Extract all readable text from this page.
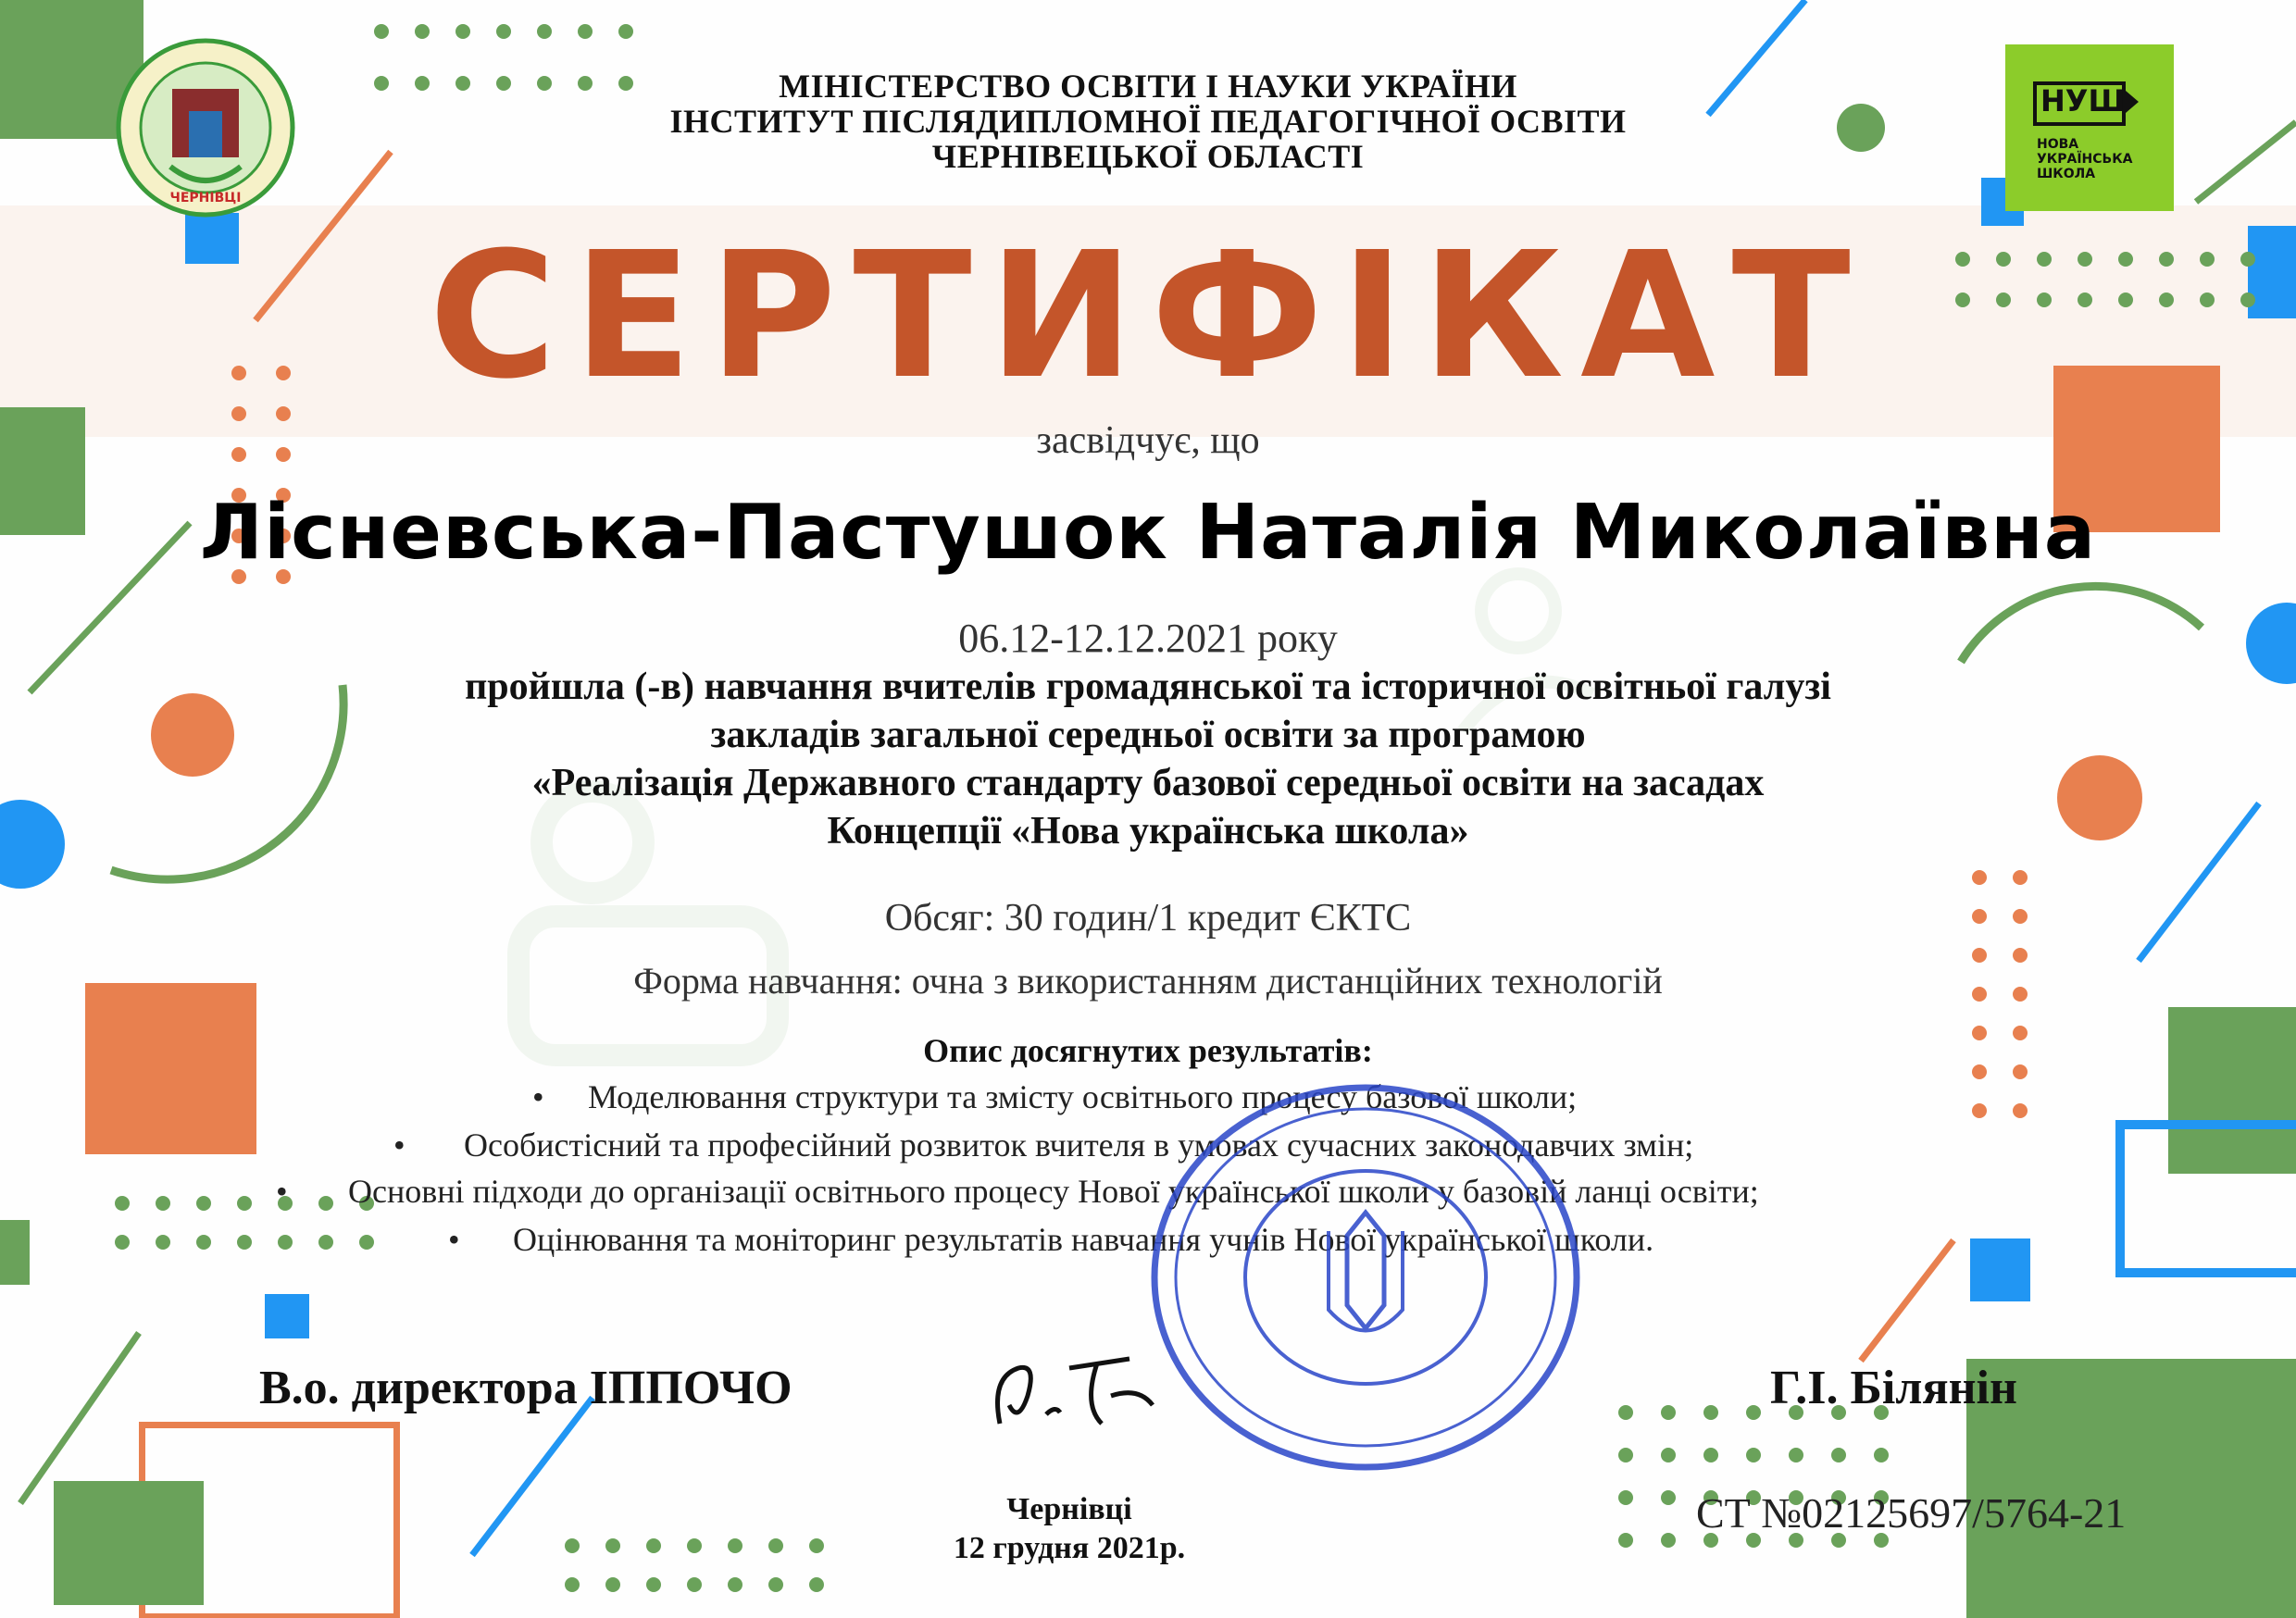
ЧЕРНІВЦІ
НУШ
НОВА
УКРАЇНСЬКА
ШКОЛА
МІНІСТЕРСТВО ОСВІТИ І НАУКИ УКРАЇНИ
ІНСТИТУТ ПІСЛЯДИПЛОМНОЇ ПЕДАГОГІЧНОЇ ОСВІТИ
ЧЕРНІВЕЦЬКОЇ ОБЛАСТІ
СЕРТИФІКАТ
засвідчує, що
Лісневська-Пастушок Наталія Миколаївна
06.12-12.12.2021 року
пройшла (-в) навчання вчителів громадянської та історичної освітньої галузі
закладів загальної середньої освіти за програмою
«Реалізація Державного стандарту базової середньої освіти на засадах
Концепції «Нова українська школа»
Обсяг: 30 годин/1 кредит ЄКТС
Форма навчання: очна з використанням дистанційних технологій
Опис досягнутих результатів:
• Моделювання структури та змісту освітнього процесу базової школи;
• Особистісний та професійний розвиток вчителя в умовах сучасних законодавчих змін;
• Основні підходи до організації освітнього процесу Нової української школи у базовій ланці освіти;
• Оцінювання та моніторинг результатів навчання учнів Нової української школи.
В.о. директора ІППОЧО	Г.І. Білянін
Чернівці
12 грудня 2021р.
СТ №02125697/5764-21
